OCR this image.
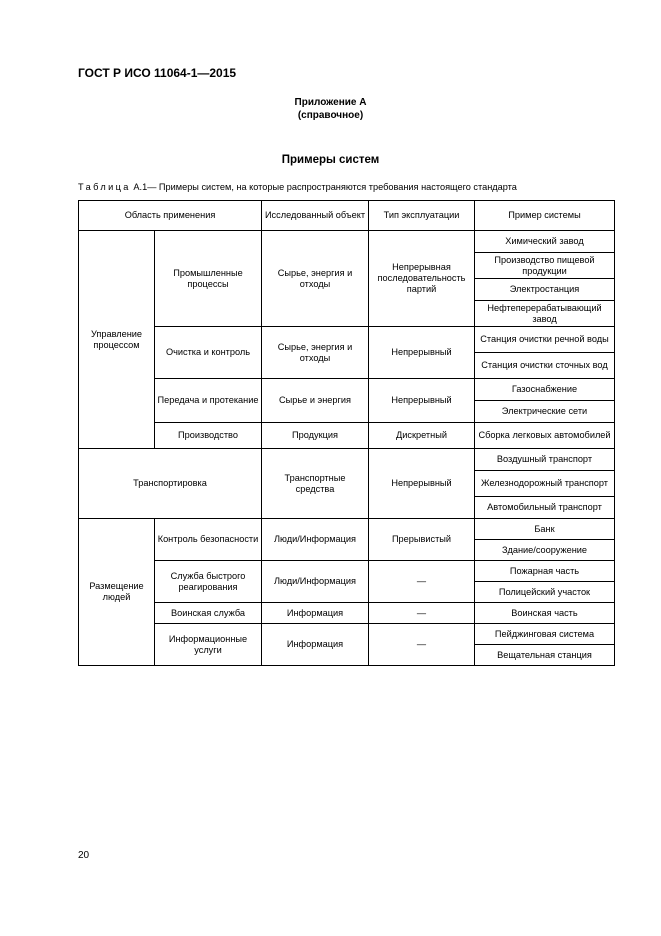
ГОСТ Р ИСО 11064-1—2015
Приложение А
(справочное)
Примеры систем
Таблица А.1— Примеры систем, на которые распространяются требования настоящего стандарта
Область применения		Исследованный объект	Тип эксплуатации	Пример системы
Управление процессом	Промышленные процессы	Сырье, энергия и отходы	Непрерывная последовательность партий	Химический завод
				Производство пищевой продукции
				Электростанция
				Нефтеперерабатывающий завод
	Очистка и контроль	Сырье, энергия и отходы	Непрерывный	Станция очистки речной воды
				Станция очистки сточных вод
	Передача и протекание	Сырье и энергия	Непрерывный	Газоснабжение
				Электрические сети
	Производство	Продукция	Дискретный	Сборка легковых автомобилей
Транспортировка		Транспортные средства	Непрерывный	Воздушный транспорт
				Железнодорожный транспорт
				Автомобильный транспорт
Размещение людей	Контроль безопасности	Люди/Информация	Прерывистый	Банк
				Здание/сооружение
	Служба быстрого реагирования	Люди/Информация	—	Пожарная часть
				Полицейский участок
	Воинская служба	Информация	—	Воинская часть
	Информационные услуги	Информация	—	Пейджинговая система
				Вещательная станция
20
